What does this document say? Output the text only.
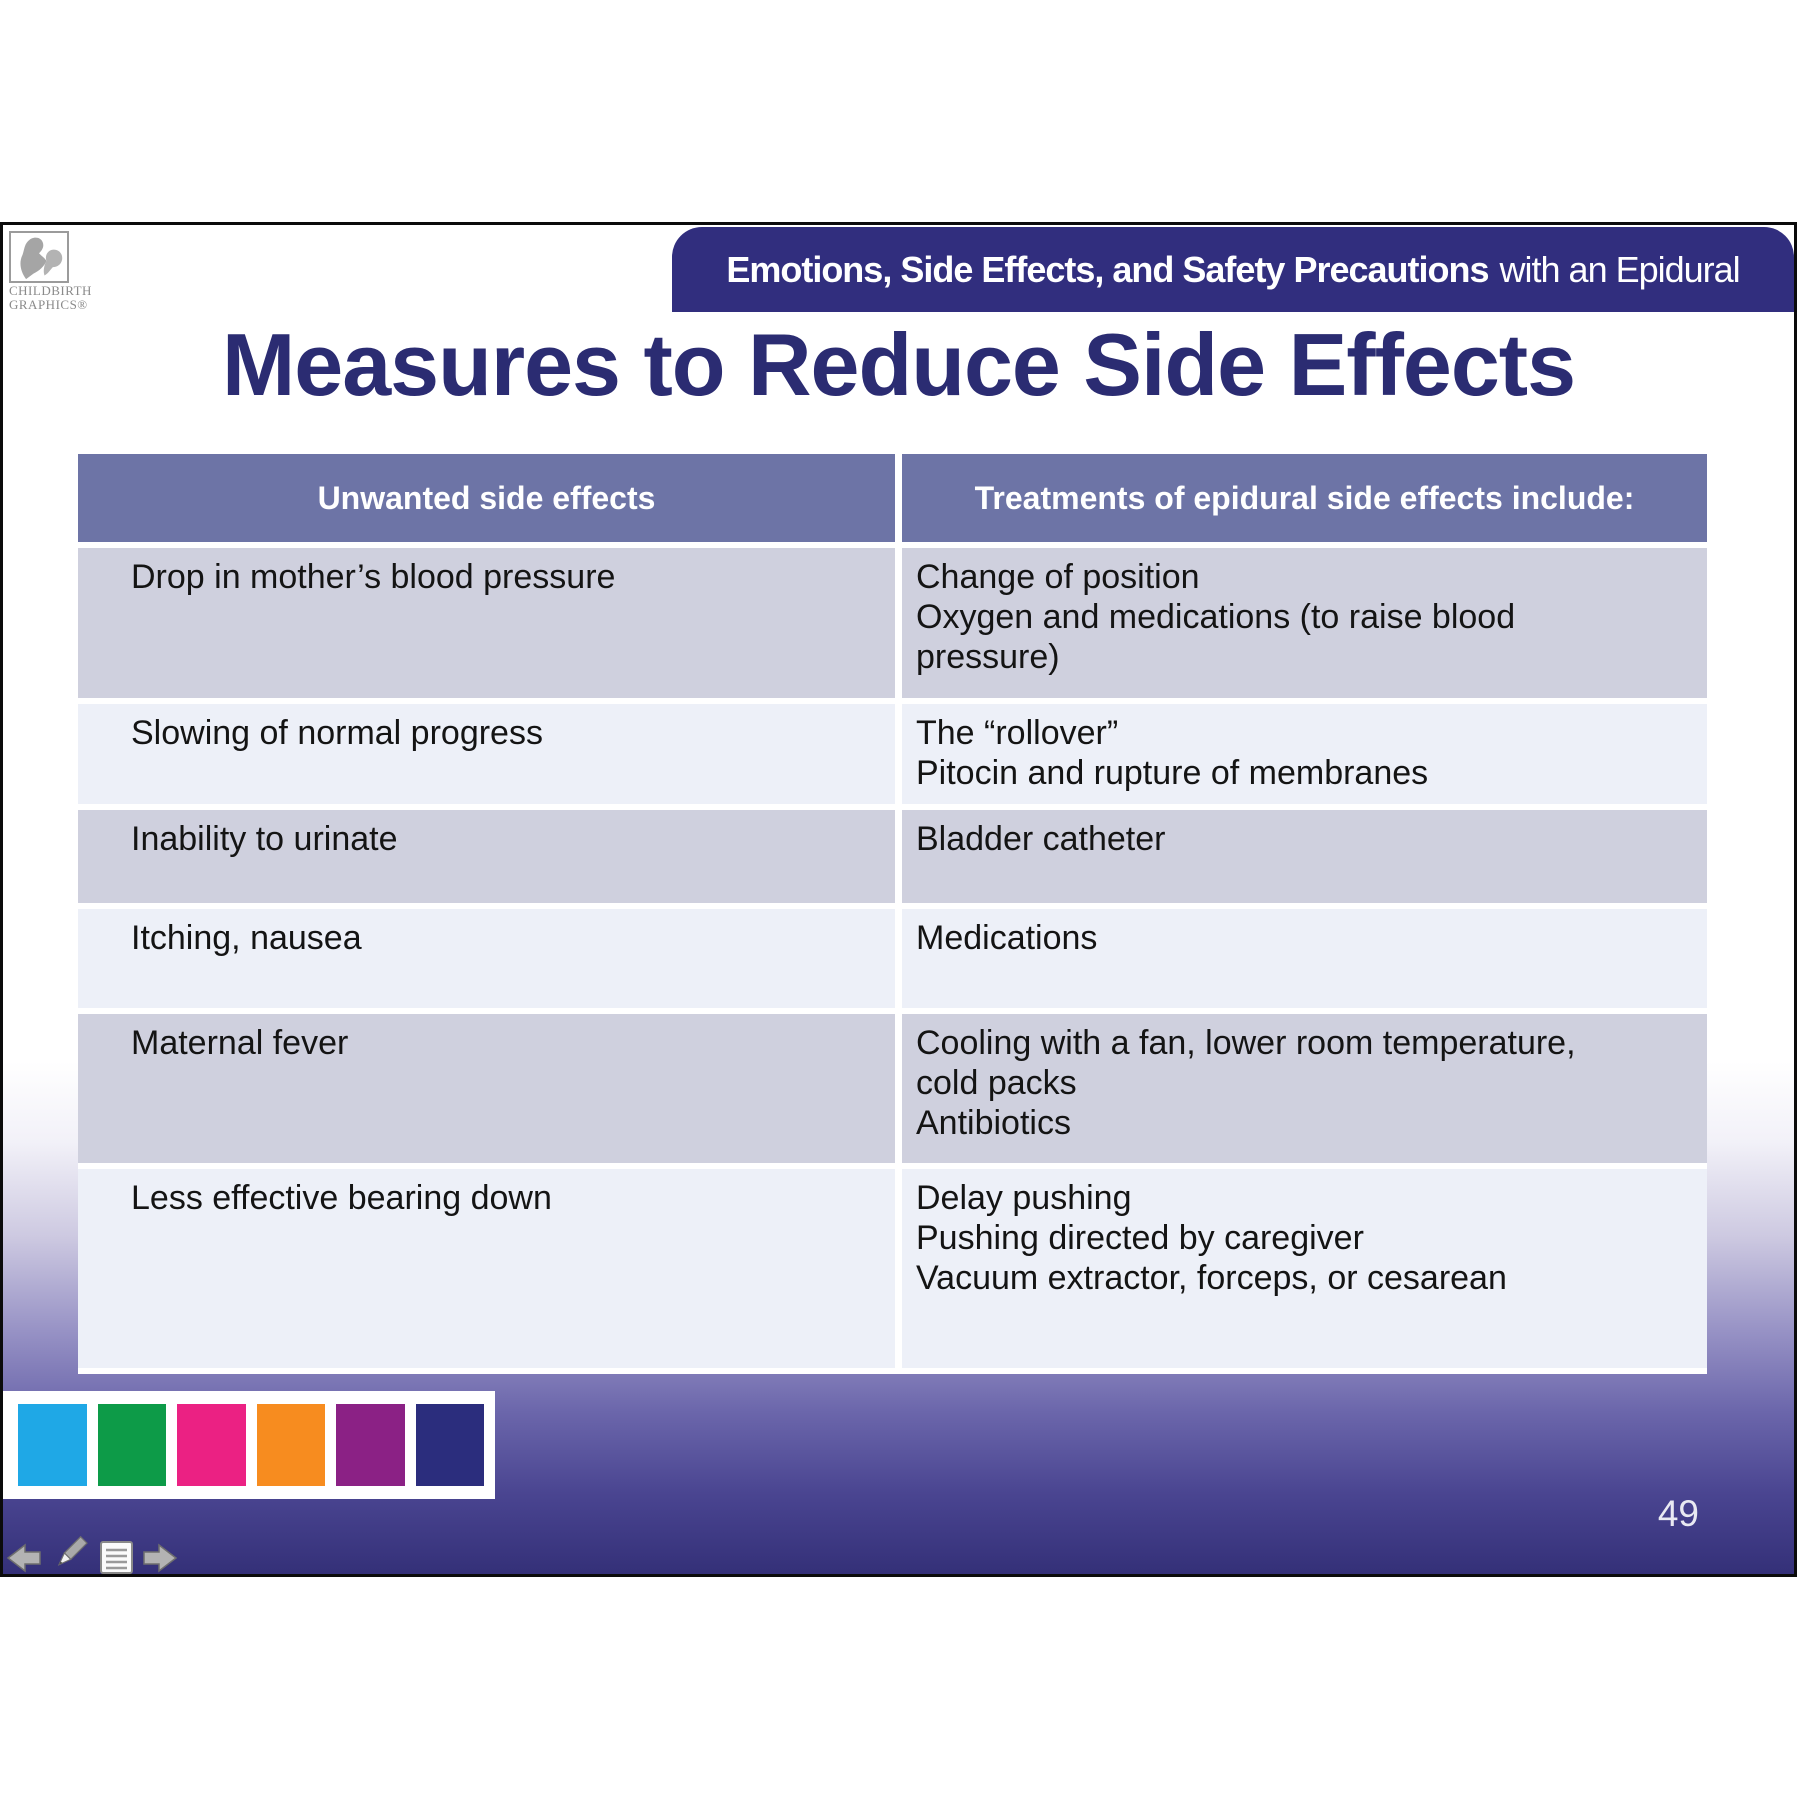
CHILDBIRTH
GRAPHICS®
Emotions, Side Effects, and Safety Precautions with an Epidural
Measures to Reduce Side Effects
Unwanted side effects	Treatments of epidural side effects include:
Drop in mother’s blood pressure	Change of position
Oxygen and medications (to raise blood pressure)
Slowing of normal progress	The “rollover”
Pitocin and rupture of membranes
Inability to urinate	Bladder catheter
Itching, nausea	Medications
Maternal fever	Cooling with a fan, lower room temperature, cold packs
Antibiotics
Less effective bearing down	Delay pushing
Pushing directed by caregiver
Vacuum extractor, forceps, or cesarean
49
